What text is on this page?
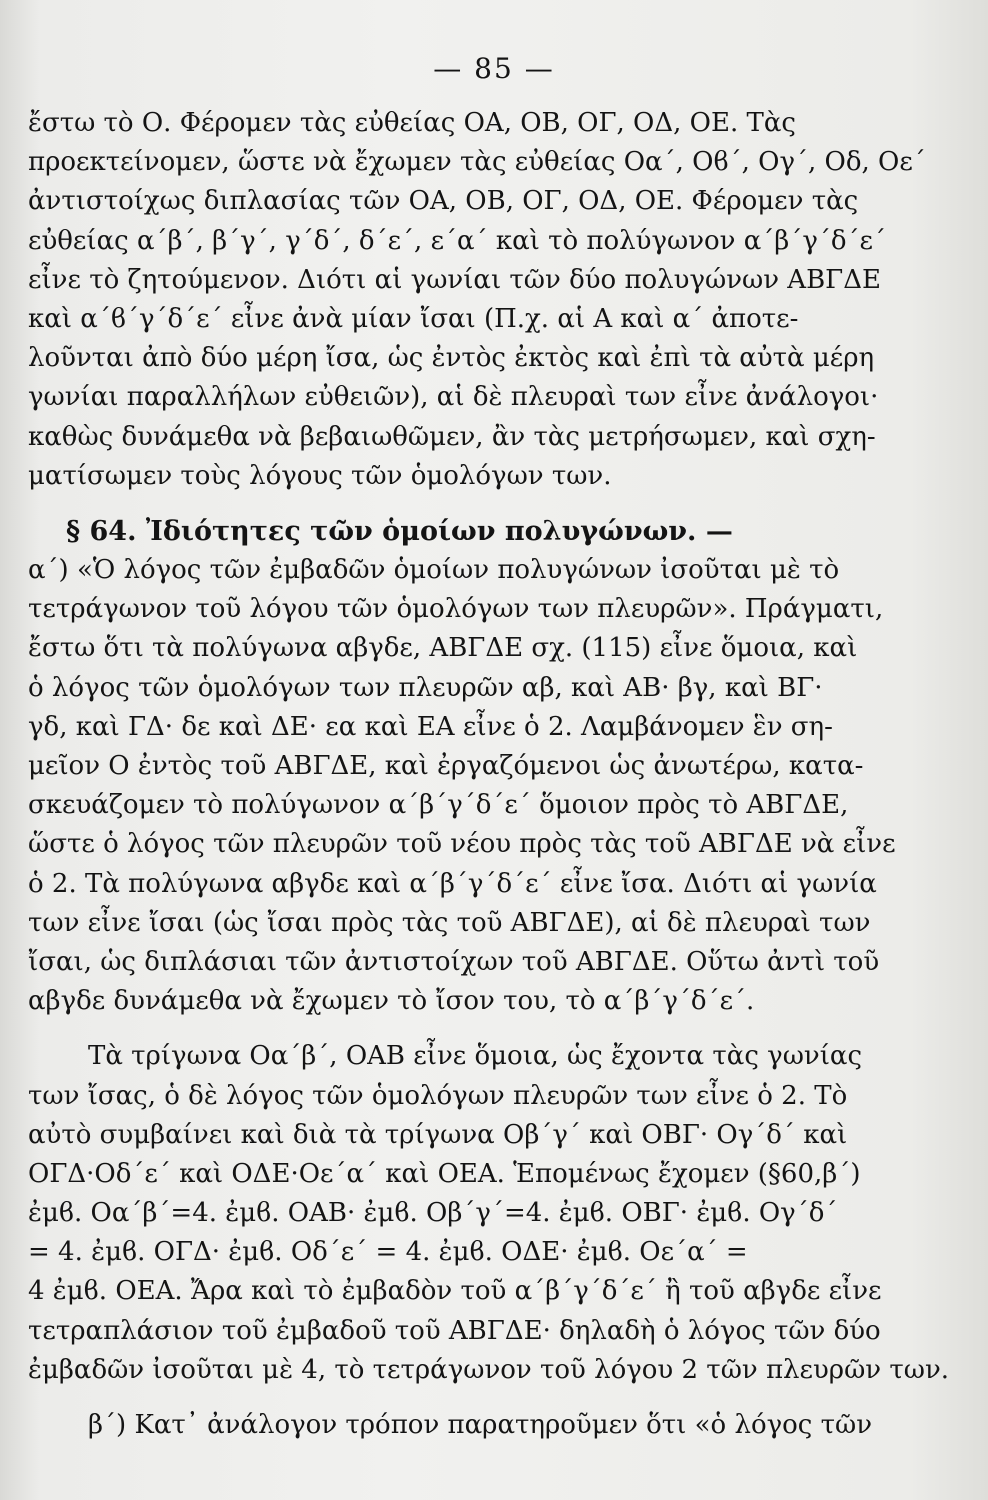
— 85 —
ἔστω τὸ Ο. Φέρομεν τὰς εὐθείας ΟΑ, ΟΒ, ΟΓ, ΟΔ, ΟΕ. Τὰς
προεκτείνομεν, ὥστε νὰ ἔχωμεν τὰς εὐθείας Οα΄, Οϐ΄, Ογ΄, Οδ, Οε΄
ἀντιστοίχως διπλασίας τῶν ΟΑ, ΟΒ, ΟΓ, ΟΔ, ΟΕ. Φέρομεν τὰς
εὐθείας α΄β΄, β΄γ΄, γ΄δ΄, δ΄ε΄, ε΄α΄ καὶ τὸ πολύγωνον α΄β΄γ΄δ΄ε΄
εἶνε τὸ ζητούμενον. Διότι αἱ γωνίαι τῶν δύο πολυγώνων ΑΒΓΔΕ
καὶ α΄ϐ΄γ΄δ΄ε΄ εἶνε ἀνὰ μίαν ἴσαι (Π.χ. αἱ Α καὶ α΄ ἀποτε-
λοῦνται ἀπὸ δύο μέρη ἴσα, ὡς ἐντὸς ἐκτὸς καὶ ἐπὶ τὰ αὐτὰ μέρη
γωνίαι παραλλήλων εὐθειῶν), αἱ δὲ πλευραὶ των εἶνε ἀνάλογοι·
καθὼς δυνάμεθα νὰ βεβαιωθῶμεν, ἂν τὰς μετρήσωμεν, καὶ σχη-
ματίσωμεν τοὺς λόγους τῶν ὁμολόγων των.
§ 64. Ἰδιότητες τῶν ὁμοίων πολυγώνων. —
α΄) «Ὁ λόγος τῶν ἐμβαδῶν ὁμοίων πολυγώνων ἰσοῦται μὲ τὸ
τετράγωνον τοῦ λόγου τῶν ὁμολόγων των πλευρῶν». Πράγματι,
ἔστω ὅτι τὰ πολύγωνα αβγδε, ΑΒΓΔΕ σχ. (115) εἶνε ὅμοια, καὶ
ὁ λόγος τῶν ὁμολόγων των πλευρῶν αβ, καὶ ΑΒ· βγ, καὶ ΒΓ·
γδ, καὶ ΓΔ· δε καὶ ΔΕ· εα καὶ ΕΑ εἶνε ὁ 2. Λαμβάνομεν ἓν ση-
μεῖον Ο ἐντὸς τοῦ ΑΒΓΔΕ, καὶ ἐργαζόμενοι ὡς ἀνωτέρω, κατα-
σκευάζομεν τὸ πολύγωνον α΄β΄γ΄δ΄ε΄ ὅμοιον πρὸς τὸ ΑΒΓΔΕ,
ὥστε ὁ λόγος τῶν πλευρῶν τοῦ νέου πρὸς τὰς τοῦ ΑΒΓΔΕ νὰ εἶνε
ὁ 2. Τὰ πολύγωνα αβγδε καὶ α΄β΄γ΄δ΄ε΄ εἶνε ἴσα. Διότι αἱ γωνία
των εἶνε ἴσαι (ὡς ἴσαι πρὸς τὰς τοῦ ΑΒΓΔΕ), αἱ δὲ πλευραὶ των
ἴσαι, ὡς διπλάσιαι τῶν ἀντιστοίχων τοῦ ΑΒΓΔΕ. Οὕτω ἀντὶ τοῦ
αβγδε δυνάμεθα νὰ ἔχωμεν τὸ ἴσον του, τὸ α΄β΄γ΄δ΄ε΄.
Τὰ τρίγωνα Οα΄β΄, ΟΑΒ εἶνε ὅμοια, ὡς ἔχοντα τὰς γωνίας
των ἴσας, ὁ δὲ λόγος τῶν ὁμολόγων πλευρῶν των εἶνε ὁ 2. Τὸ
αὐτὸ συμβαίνει καὶ διὰ τὰ τρίγωνα Οβ΄γ΄ καὶ ΟΒΓ· Ογ΄δ΄ καὶ
ΟΓΔ·Οδ΄ε΄ καὶ ΟΔΕ·Οε΄α΄ καὶ ΟΕΑ. Ἑπομένως ἔχομεν (§60,β΄)
ἐμϐ. Οα΄β΄=4. ἐμϐ. ΟΑΒ· ἐμϐ. Οβ΄γ΄=4. ἐμϐ. ΟΒΓ· ἐμϐ. Ογ΄δ΄
= 4. ἐμϐ. ΟΓΔ· ἐμϐ. Οδ΄ε΄ = 4. ἐμϐ. ΟΔΕ· ἐμϐ. Οε΄α΄ =
4 ἐμϐ. ΟΕΑ. Ἄρα καὶ τὸ ἐμβαδὸν τοῦ α΄β΄γ΄δ΄ε΄ ἢ τοῦ αβγδε εἶνε
τετραπλάσιον τοῦ ἐμβαδοῦ τοῦ ΑΒΓΔΕ· δηλαδὴ ὁ λόγος τῶν δύο
ἐμβαδῶν ἰσοῦται μὲ 4, τὸ τετράγωνον τοῦ λόγου 2 τῶν πλευρῶν των.
β΄) Κατ᾽ ἀνάλογον τρόπον παρατηροῦμεν ὅτι «ὁ λόγος τῶν
